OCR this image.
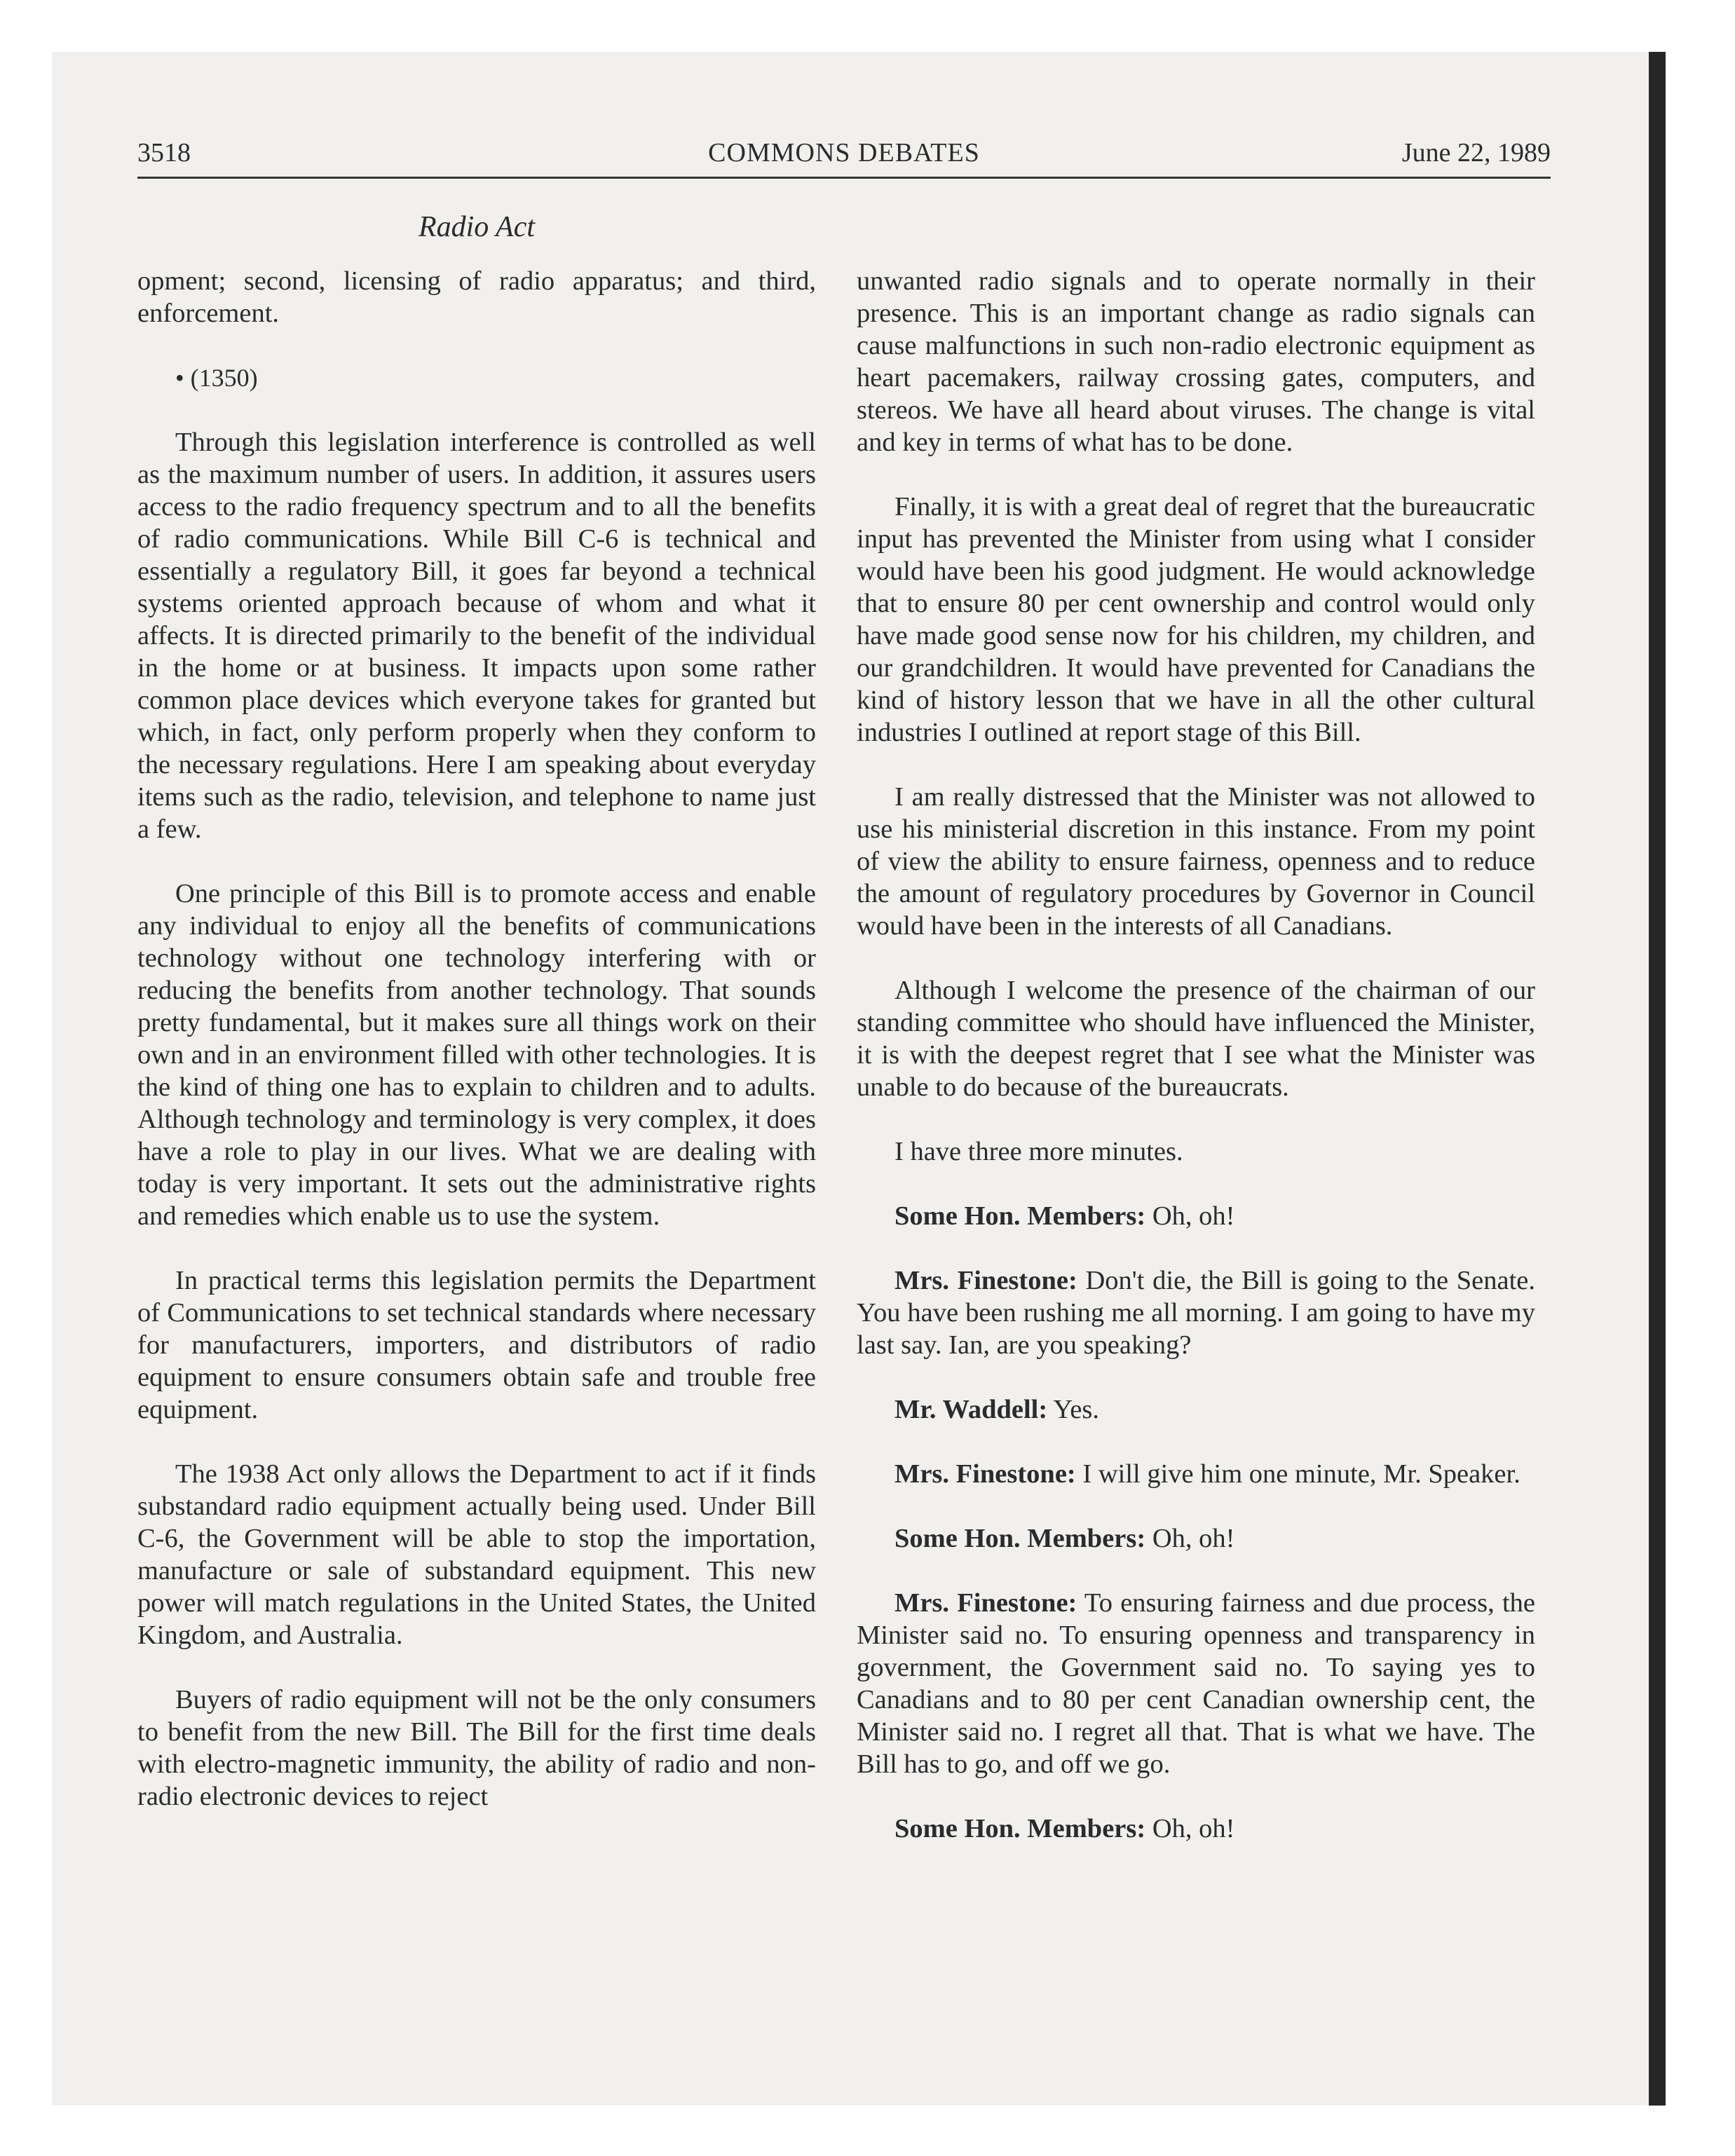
3518	COMMONS DEBATES	June 22, 1989
Radio Act

opment; second, licensing of radio apparatus; and third, enforcement.

• (1350)

Through this legislation interference is controlled as well as the maximum number of users. In addition, it assures users access to the radio frequency spectrum and to all the benefits of radio communications. While Bill C-6 is technical and essentially a regulatory Bill, it goes far beyond a technical systems oriented approach because of whom and what it affects. It is directed primarily to the benefit of the individual in the home or at business. It impacts upon some rather common place devices which everyone takes for granted but which, in fact, only perform properly when they conform to the necessary regulations. Here I am speaking about everyday items such as the radio, television, and telephone to name just a few.

One principle of this Bill is to promote access and enable any individual to enjoy all the benefits of communications technology without one technology interfering with or reducing the benefits from another technology. That sounds pretty fundamental, but it makes sure all things work on their own and in an environment filled with other technologies. It is the kind of thing one has to explain to children and to adults. Although technology and terminology is very complex, it does have a role to play in our lives. What we are dealing with today is very important. It sets out the administrative rights and remedies which enable us to use the system.

In practical terms this legislation permits the Department of Communications to set technical standards where necessary for manufacturers, importers, and distributors of radio equipment to ensure consumers obtain safe and trouble free equipment.

The 1938 Act only allows the Department to act if it finds substandard radio equipment actually being used. Under Bill C-6, the Government will be able to stop the importation, manufacture or sale of substandard equipment. This new power will match regulations in the United States, the United Kingdom, and Australia.

Buyers of radio equipment will not be the only consumers to benefit from the new Bill. The Bill for the first time deals with electro-magnetic immunity, the ability of radio and non-radio electronic devices to reject

unwanted radio signals and to operate normally in their presence. This is an important change as radio signals can cause malfunctions in such non-radio electronic equipment as heart pacemakers, railway crossing gates, computers, and stereos. We have all heard about viruses. The change is vital and key in terms of what has to be done.

Finally, it is with a great deal of regret that the bureaucratic input has prevented the Minister from using what I consider would have been his good judgment. He would acknowledge that to ensure 80 per cent ownership and control would only have made good sense now for his children, my children, and our grandchildren. It would have prevented for Canadians the kind of history lesson that we have in all the other cultural industries I outlined at report stage of this Bill.

I am really distressed that the Minister was not allowed to use his ministerial discretion in this instance. From my point of view the ability to ensure fairness, openness and to reduce the amount of regulatory procedures by Governor in Council would have been in the interests of all Canadians.

Although I welcome the presence of the chairman of our standing committee who should have influenced the Minister, it is with the deepest regret that I see what the Minister was unable to do because of the bureaucrats.

I have three more minutes.

Some Hon. Members: Oh, oh!

Mrs. Finestone: Don't die, the Bill is going to the Senate. You have been rushing me all morning. I am going to have my last say. Ian, are you speaking?

Mr. Waddell: Yes.

Mrs. Finestone: I will give him one minute, Mr. Speaker.

Some Hon. Members: Oh, oh!

Mrs. Finestone: To ensuring fairness and due process, the Minister said no. To ensuring openness and transparency in government, the Government said no. To saying yes to Canadians and to 80 per cent Canadian ownership cent, the Minister said no. I regret all that. That is what we have. The Bill has to go, and off we go.

Some Hon. Members: Oh, oh!
